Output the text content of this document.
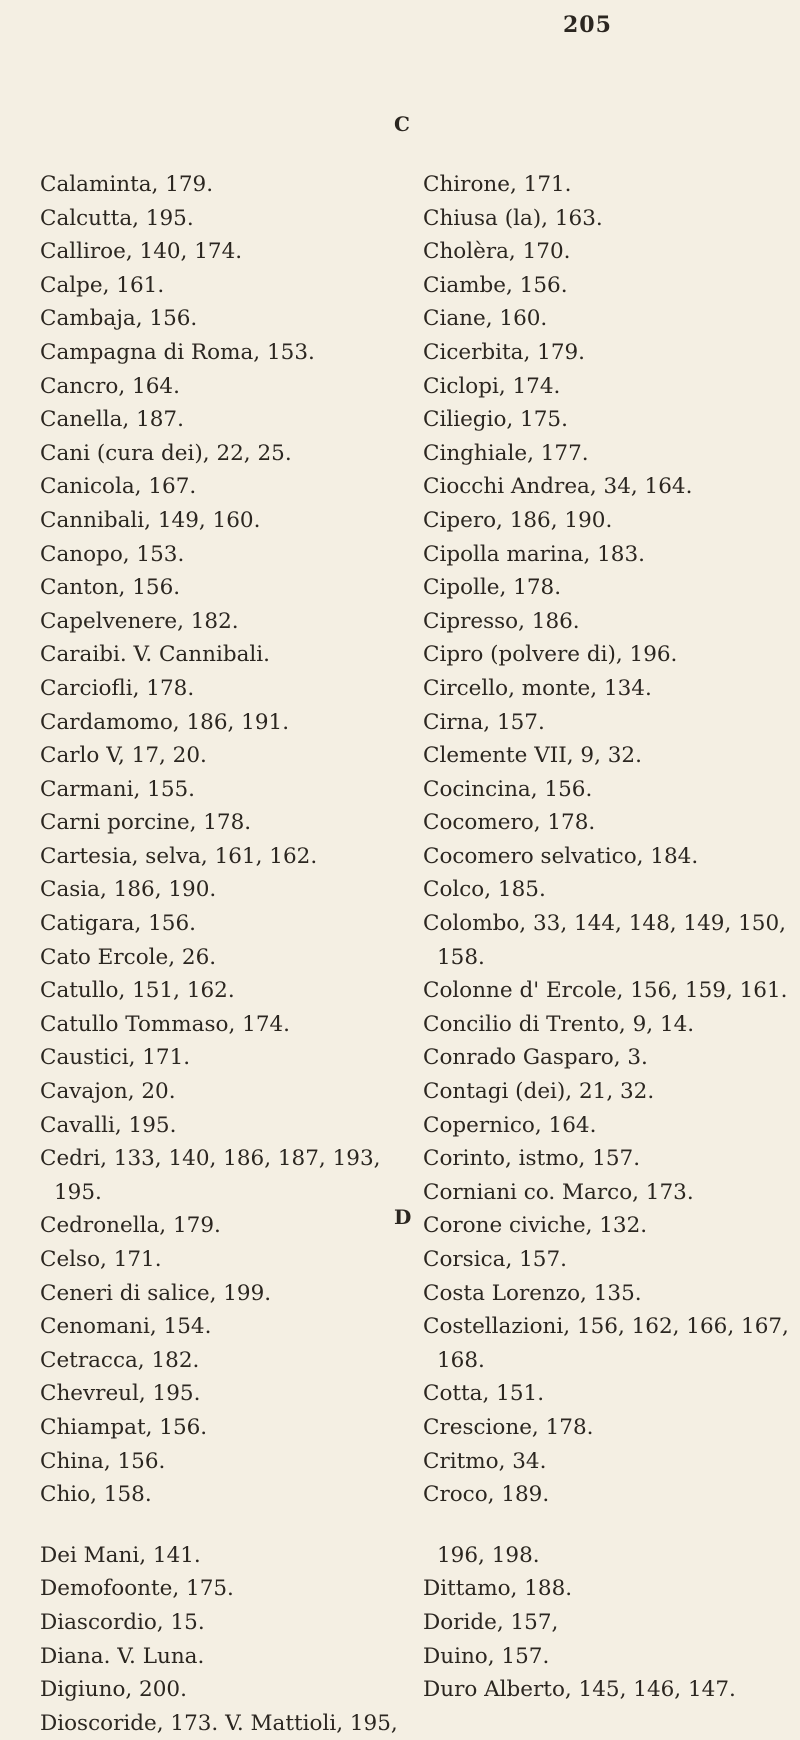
205
C
D
Calaminta, 179.
Calcutta, 195.
Calliroe, 140, 174.
Calpe, 161.
Cambaja, 156.
Campagna di Roma, 153.
Cancro, 164.
Canella, 187.
Cani (cura dei), 22, 25.
Canicola, 167.
Cannibali, 149, 160.
Canopo, 153.
Canton, 156.
Capelvenere, 182.
Caraibi. V. Cannibali.
Carciofli, 178.
Cardamomo, 186, 191.
Carlo V, 17, 20.
Carmani, 155.
Carni porcine, 178.
Cartesia, selva, 161, 162.
Casia, 186, 190.
Catigara, 156.
Cato Ercole, 26.
Catullo, 151, 162.
Catullo Tommaso, 174.
Caustici, 171.
Cavajon, 20.
Cavalli, 195.
Cedri, 133, 140, 186, 187, 193,
195.
Cedronella, 179.
Celso, 171.
Ceneri di salice, 199.
Cenomani, 154.
Cetracca, 182.
Chevreul, 195.
Chiampat, 156.
China, 156.
Chio, 158.
Dei Mani, 141.
Demofoonte, 175.
Diascordio, 15.
Diana. V. Luna.
Digiuno, 200.
Dioscoride, 173. V. Mattioli, 195,
Chirone, 171.
Chiusa (la), 163.
Cholèra, 170.
Ciambe, 156.
Ciane, 160.
Cicerbita, 179.
Ciclopi, 174.
Ciliegio, 175.
Cinghiale, 177.
Ciocchi Andrea, 34, 164.
Cipero, 186, 190.
Cipolla marina, 183.
Cipolle, 178.
Cipresso, 186.
Cipro (polvere di), 196.
Circello, monte, 134.
Cirna, 157.
Clemente VII, 9, 32.
Cocincina, 156.
Cocomero, 178.
Cocomero selvatico, 184.
Colco, 185.
Colombo, 33, 144, 148, 149, 150,
158.
Colonne d' Ercole, 156, 159, 161.
Concilio di Trento, 9, 14.
Conrado Gasparo, 3.
Contagi (dei), 21, 32.
Copernico, 164.
Corinto, istmo, 157.
Corniani co. Marco, 173.
Corone civiche, 132.
Corsica, 157.
Costa Lorenzo, 135.
Costellazioni, 156, 162, 166, 167,
168.
Cotta, 151.
Crescione, 178.
Critmo, 34.
Croco, 189.
196, 198.
Dittamo, 188.
Doride, 157,
Duino, 157.
Duro Alberto, 145, 146, 147.
